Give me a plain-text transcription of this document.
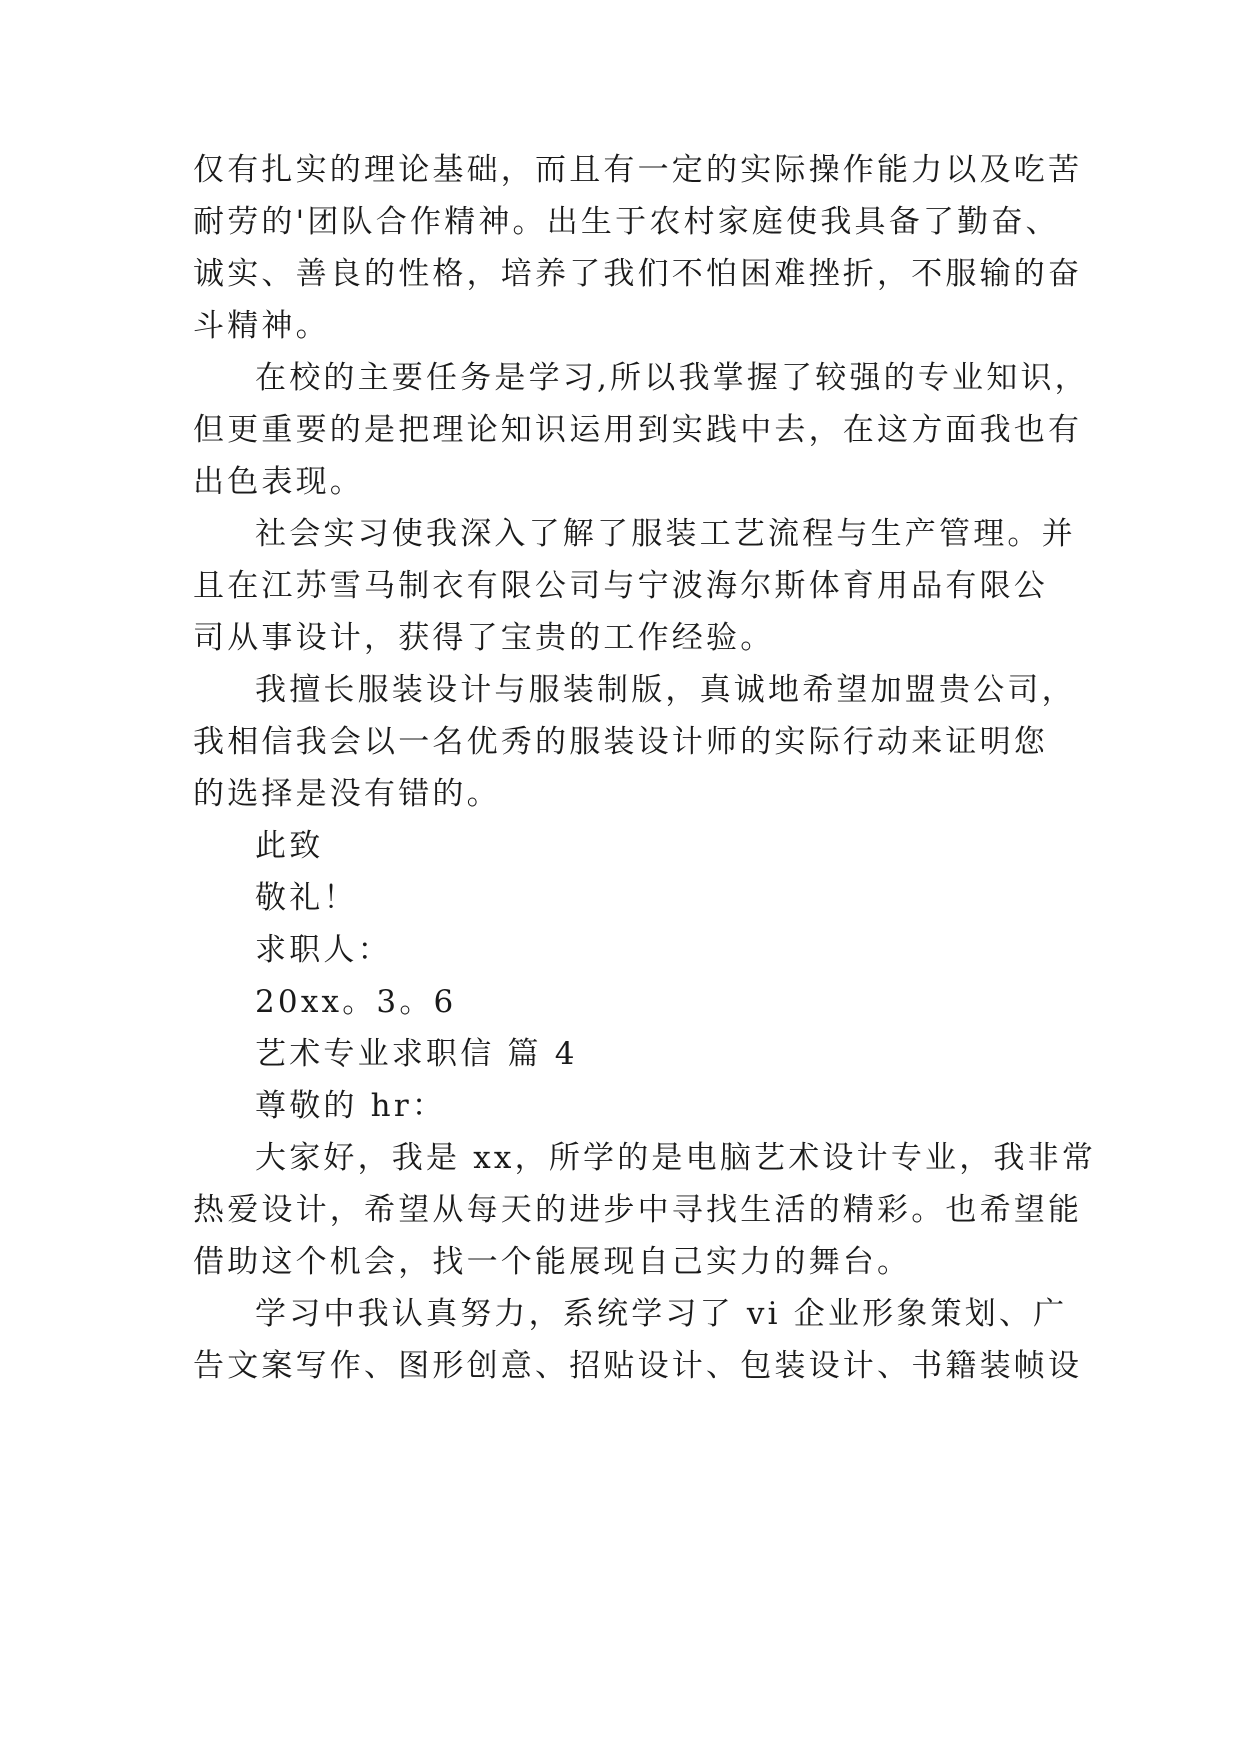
仅有扎实的理论基础，而且有一定的实际操作能力以及吃苦
耐劳的'团队合作精神。出生于农村家庭使我具备了勤奋、
诚实、善良的性格，培养了我们不怕困难挫折，不服输的奋
斗精神。
在校的主要任务是学习,所以我掌握了较强的专业知识，
但更重要的是把理论知识运用到实践中去，在这方面我也有
出色表现。
社会实习使我深入了解了服装工艺流程与生产管理。并
且在江苏雪马制衣有限公司与宁波海尔斯体育用品有限公
司从事设计，获得了宝贵的工作经验。
我擅长服装设计与服装制版，真诚地希望加盟贵公司，
我相信我会以一名优秀的服装设计师的实际行动来证明您
的选择是没有错的。
此致
敬礼！
求职人：
20xx。3。6
艺术专业求职信 篇 4
尊敬的 hr：
大家好，我是 xx，所学的是电脑艺术设计专业，我非常
热爱设计，希望从每天的进步中寻找生活的精彩。也希望能
借助这个机会，找一个能展现自己实力的舞台。
学习中我认真努力，系统学习了 vi 企业形象策划、广
告文案写作、图形创意、招贴设计、包装设计、书籍装帧设
